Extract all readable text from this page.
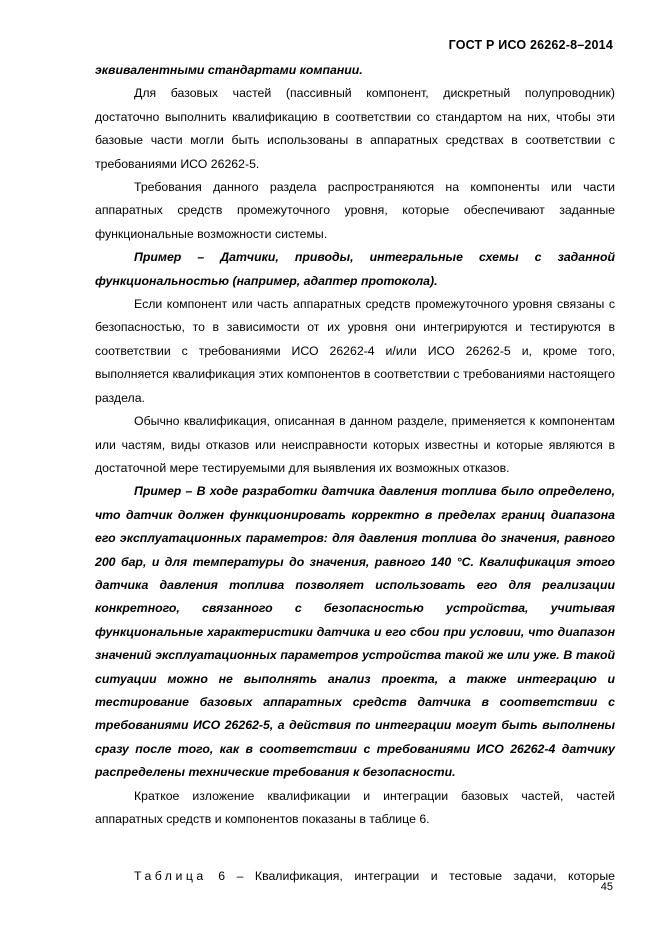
ГОСТ Р ИСО 26262-8–2014

эквивалентными стандартами компании.

Для базовых частей (пассивный компонент, дискретный полупроводник) достаточно выполнить квалификацию в соответствии со стандартом на них, чтобы эти базовые части могли быть использованы в аппаратных средствах в соответствии с требованиями ИСО 26262-5.

Требования данного раздела распространяются на компоненты или части аппаратных средств промежуточного уровня, которые обеспечивают заданные функциональные возможности системы.

Пример – Датчики, приводы, интегральные схемы с заданной функциональностью (например, адаптер протокола).

Если компонент или часть аппаратных средств промежуточного уровня связаны с безопасностью, то в зависимости от их уровня они интегрируются и тестируются в соответствии с требованиями ИСО 26262-4 и/или ИСО 26262-5 и, кроме того, выполняется квалификация этих компонентов в соответствии с требованиями настоящего раздела.

Обычно квалификация, описанная в данном разделе, применяется к компонентам или частям, виды отказов или неисправности которых известны и которые являются в достаточной мере тестируемыми для выявления их возможных отказов.

Пример – В ходе разработки датчика давления топлива было определено, что датчик должен функционировать корректно в пределах границ диапазона его эксплуатационных параметров: для давления топлива до значения, равного 200 бар, и для температуры до значения, равного 140 °С. Квалификация этого датчика давления топлива позволяет использовать его для реализации конкретного, связанного с безопасностью устройства, учитывая функциональные характеристики датчика и его сбои при условии, что диапазон значений эксплуатационных параметров устройства такой же или уже. В такой ситуации можно не выполнять анализ проекта, а также интеграцию и тестирование базовых аппаратных средств датчика в соответствии с требованиями ИСО 26262-5, а действия по интеграции могут быть выполнены сразу после того, как в соответствии с требованиями ИСО 26262-4 датчику распределены технические требования к безопасности.

Краткое изложение квалификации и интеграции базовых частей, частей аппаратных средств и компонентов показаны в таблице 6.

Таблица 6 – Квалификация, интеграции и тестовые задачи, которые

45
